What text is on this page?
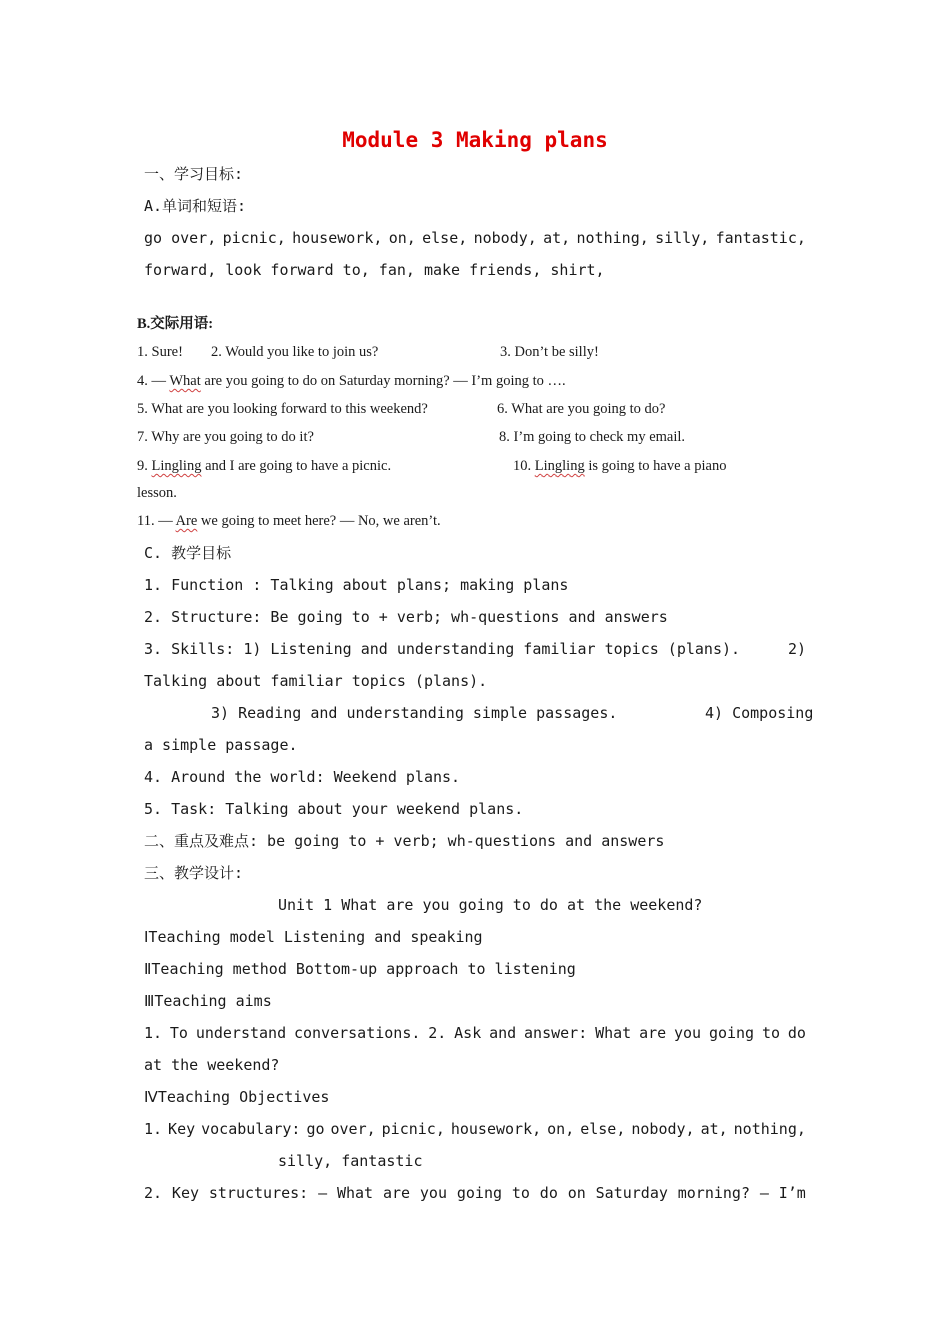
Module 3 Making plans
一、学习目标:
A.单词和短语:
go over, picnic, housework, on, else, nobody, at, nothing, silly, fantastic,
forward, look forward to, fan, make friends, shirt,
B.交际用语:
1. Sure! 2. Would you like to join us?	3. Don’t be silly!
4. — What are you going to do on Saturday morning? — I’m going to ….
5. What are you looking forward to this weekend?	6. What are you going to do?
7. Why are you going to do it?	8. I’m going to check my email.
9. Lingling and I are going to have a picnic.	10. Lingling is going to have a piano
lesson.
11. — Are we going to meet here? — No, we aren’t.
C. 教学目标
1. Function : Talking about plans; making plans
2. Structure: Be going to + verb; wh-questions and answers
3. Skills: 1) Listening and understanding familiar topics (plans).	2)
Talking about familiar topics (plans).
3) Reading and understanding simple passages.	4) Composing
a simple passage.
4. Around the world: Weekend plans.
5. Task: Talking about your weekend plans.
二、重点及难点: be going to + verb; wh-questions and answers
三、教学设计:
Unit 1 What are you going to do at the weekend?
ⅠTeaching model Listening and speaking
ⅡTeaching method Bottom-up approach to listening
ⅢTeaching aims
1. To understand conversations. 2. Ask and answer: What are you going to do
at the weekend?
ⅣTeaching Objectives
1. Key vocabulary: go over, picnic, housework, on, else, nobody, at, nothing,
silly, fantastic
2. Key structures: — What are you going to do on Saturday morning? — I’m
